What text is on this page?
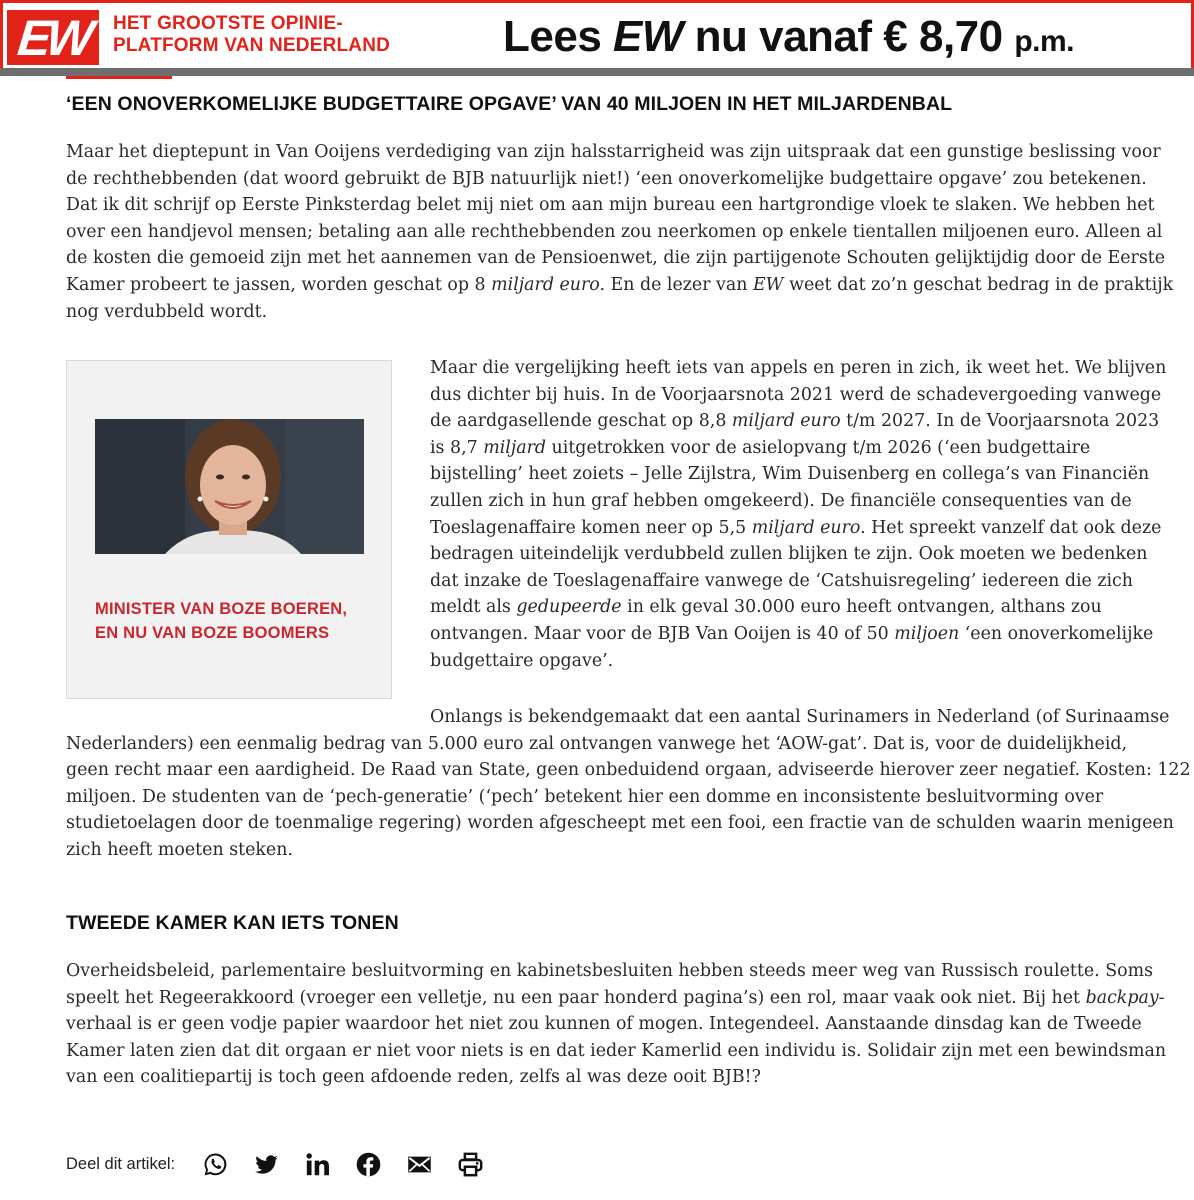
EW HET GROOTSTE OPINIE-
PLATFORM VAN NEDERLAND	Lees EW nu vanaf € 8,70 p.m.
‘EEN ONOVERKOMELIJKE BUDGETTAIRE OPGAVE’ VAN 40 MILJOEN IN HET MILJARDENBAL

Maar het dieptepunt in Van Ooijens verdediging van zijn halsstarrigheid was zijn uitspraak dat een gunstige beslissing voor

de rechthebbenden (dat woord gebruikt de BJB natuurlijk niet!) ‘een onoverkomelijke budgettaire opgave’ zou betekenen.

Dat ik dit schrijf op Eerste Pinksterdag belet mij niet om aan mijn bureau een hartgrondige vloek te slaken. We hebben het

over een handjevol mensen; betaling aan alle rechthebbenden zou neerkomen op enkele tientallen miljoenen euro. Alleen al

de kosten die gemoeid zijn met het aannemen van de Pensioenwet, die zijn partijgenote Schouten gelijktijdig door de Eerste

Kamer probeert te jassen, worden geschat op 8 miljard euro. En de lezer van EW weet dat zo’n geschat bedrag in de praktijk

nog verdubbeld wordt.

MINISTER VAN BOZE BOEREN,
EN NU VAN BOZE BOOMERS

Maar die vergelijking heeft iets van appels en peren in zich, ik weet het. We blijven

dus dichter bij huis. In de Voorjaarsnota 2021 werd de schadevergoeding vanwege

de aardgasellende geschat op 8,8 miljard euro t/m 2027. In de Voorjaarsnota 2023

is 8,7 miljard uitgetrokken voor de asielopvang t/m 2026 (‘een budgettaire

bijstelling’ heet zoiets – Jelle Zijlstra, Wim Duisenberg en collega’s van Financiën

zullen zich in hun graf hebben omgekeerd). De financiële consequenties van de

Toeslagenaffaire komen neer op 5,5 miljard euro. Het spreekt vanzelf dat ook deze

bedragen uiteindelijk verdubbeld zullen blijken te zijn. Ook moeten we bedenken

dat inzake de Toeslagenaffaire vanwege de ‘Catshuisregeling’ iedereen die zich

meldt als gedupeerde in elk geval 30.000 euro heeft ontvangen, althans zou

ontvangen. Maar voor de BJB Van Ooijen is 40 of 50 miljoen ‘een onoverkomelijke

budgettaire opgave’.

Onlangs is bekendgemaakt dat een aantal Surinamers in Nederland (of Surinaamse

Nederlanders) een eenmalig bedrag van 5.000 euro zal ontvangen vanwege het ‘AOW-gat’. Dat is, voor de duidelijkheid,

geen recht maar een aardigheid. De Raad van State, geen onbeduidend orgaan, adviseerde hierover zeer negatief. Kosten: 122

miljoen. De studenten van de ‘pech-generatie’ (‘pech’ betekent hier een domme en inconsistente besluitvorming over

studietoelagen door de toenmalige regering) worden afgescheept met een fooi, een fractie van de schulden waarin menigeen

zich heeft moeten steken.

TWEEDE KAMER KAN IETS TONEN

Overheidsbeleid, parlementaire besluitvorming en kabinetsbesluiten hebben steeds meer weg van Russisch roulette. Soms

speelt het Regeerakkoord (vroeger een velletje, nu een paar honderd pagina’s) een rol, maar vaak ook niet. Bij het backpay-

verhaal is er geen vodje papier waardoor het niet zou kunnen of mogen. Integendeel. Aanstaande dinsdag kan de Tweede

Kamer laten zien dat dit orgaan er niet voor niets is en dat ieder Kamerlid een individu is. Solidair zijn met een bewindsman

van een coalitiepartij is toch geen afdoende reden, zelfs al was deze ooit BJB!?

Deel dit artikel:
